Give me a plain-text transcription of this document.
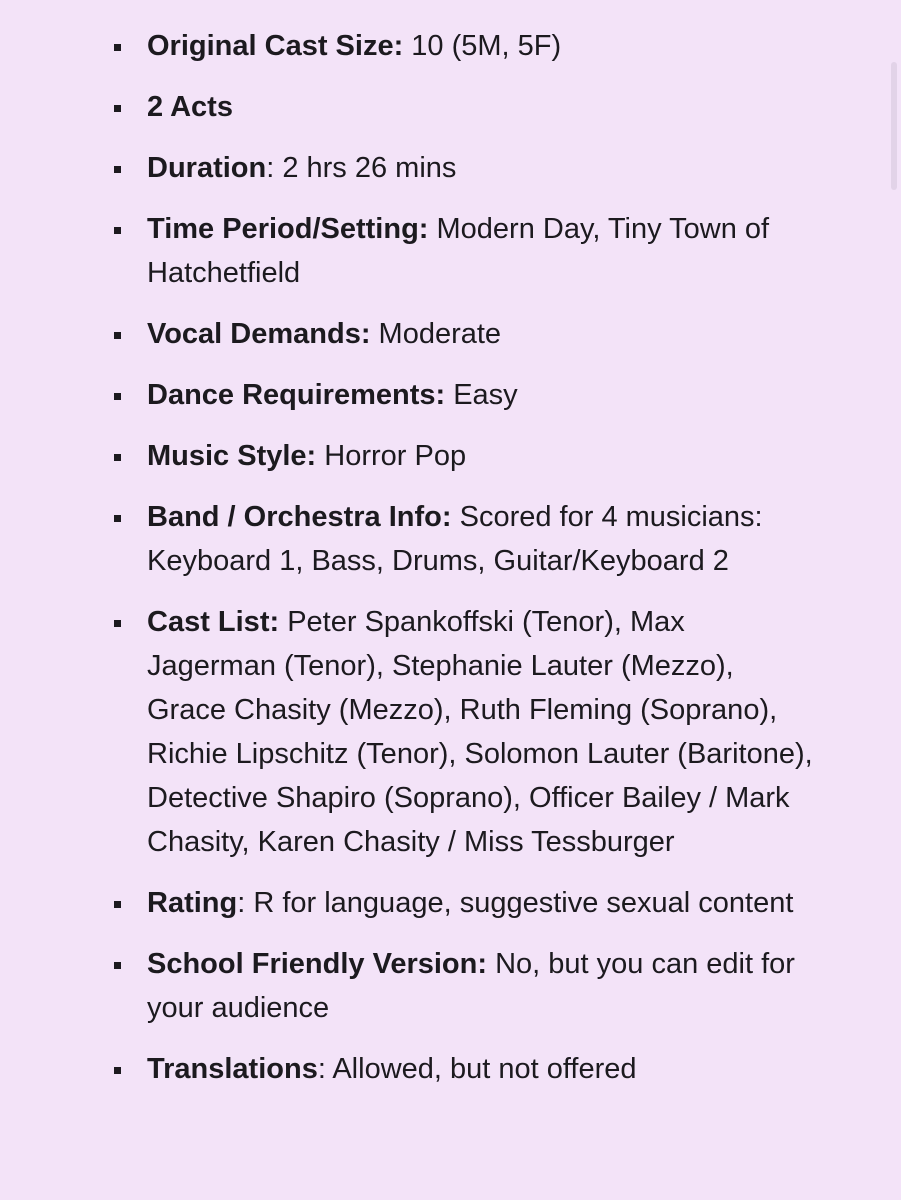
Original Cast Size: 10 (5M, 5F)
2 Acts
Duration: 2 hrs 26 mins
Time Period/Setting: Modern Day, Tiny Town of Hatchetfield
Vocal Demands: Moderate
Dance Requirements: Easy
Music Style: Horror Pop
Band / Orchestra Info: Scored for 4 musicians: Keyboard 1, Bass, Drums, Guitar/Keyboard 2
Cast List: Peter Spankoffski (Tenor), Max Jagerman (Tenor), Stephanie Lauter (Mezzo), Grace Chasity (Mezzo), Ruth Fleming (Soprano), Richie Lipschitz (Tenor), Solomon Lauter (Baritone), Detective Shapiro (Soprano), Officer Bailey / Mark Chasity, Karen Chasity / Miss Tessburger
Rating: R for language, suggestive sexual content
School Friendly Version: No, but you can edit for your audience
Translations: Allowed, but not offered
